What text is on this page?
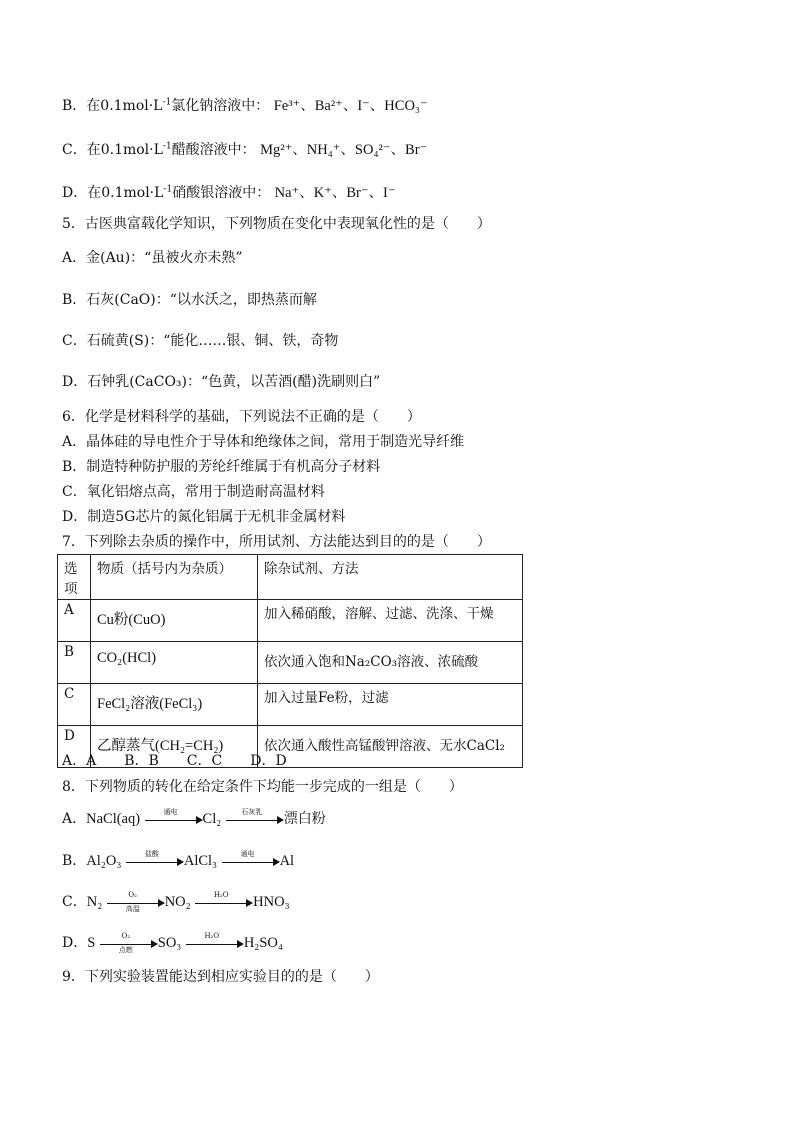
B．在$0.1mol\cdot L^{-1}$氯化钠溶液中： Fe³⁺、Ba²⁺、I⁻、HCO₃⁻
C．在$0.1mol\cdot L^{-1}$醋酸溶液中： Mg²⁺、NH₄⁺、SO₄²⁻、Br⁻
D．在$0.1mol\cdot L^{-1}$硝酸银溶液中： Na⁺、K⁺、Br⁻、I⁻
5．古医典富载化学知识，下列物质在变化中表现氧化性的是（　　）
A．金(Au)：“虽被火亦未熟”
B．石灰(CaO)：“以水沃之，即热蒸而解
C．石硫黄(S)：“能化……银、铜、铁，奇物
D．石钟乳(CaCO₃)：“色黄，以苦酒(醋)洗刷则白”
6．化学是材料科学的基础，下列说法不正确的是（　　）
A．晶体硅的导电性介于导体和绝缘体之间，常用于制造光导纤维
B．制造特种防护服的芳纶纤维属于有机高分子材料
C．氧化铝熔点高，常用于制造耐高温材料
D．制造5G芯片的氮化铝属于无机非金属材料
7．下列除去杂质的操作中，所用试剂、方法能达到目的的是（　　）
选项	物质（括号内为杂质）	除杂试剂、方法
A	Cu粉(CuO)	加入稀硝酸，溶解、过滤、洗涤、干燥
B	CO₂(HCl)	依次通入饱和Na₂CO₃溶液、浓硫酸
C	FeCl₂溶液(FeCl₃)	加入过量Fe粉，过滤
D	乙醇蒸气(CH₂=CH₂)	依次通入酸性高锰酸钾溶液、无水CaCl₂
A．A　　B．B　　C．C　　D．D
8．下列物质的转化在给定条件下均能一步完成的一组是（　　）
A．NaCl(aq)	通电	Cl₂	石灰乳	漂白粉
B．Al₂O₃	盐酸	AlCl₃	通电	Al
C．N₂	O₂
高温	NO₂	H₂O	HNO₃
D．S	O₂
点燃	SO₃	H₂O	H₂SO₄
9．下列实验装置能达到相应实验目的的是（　　）
